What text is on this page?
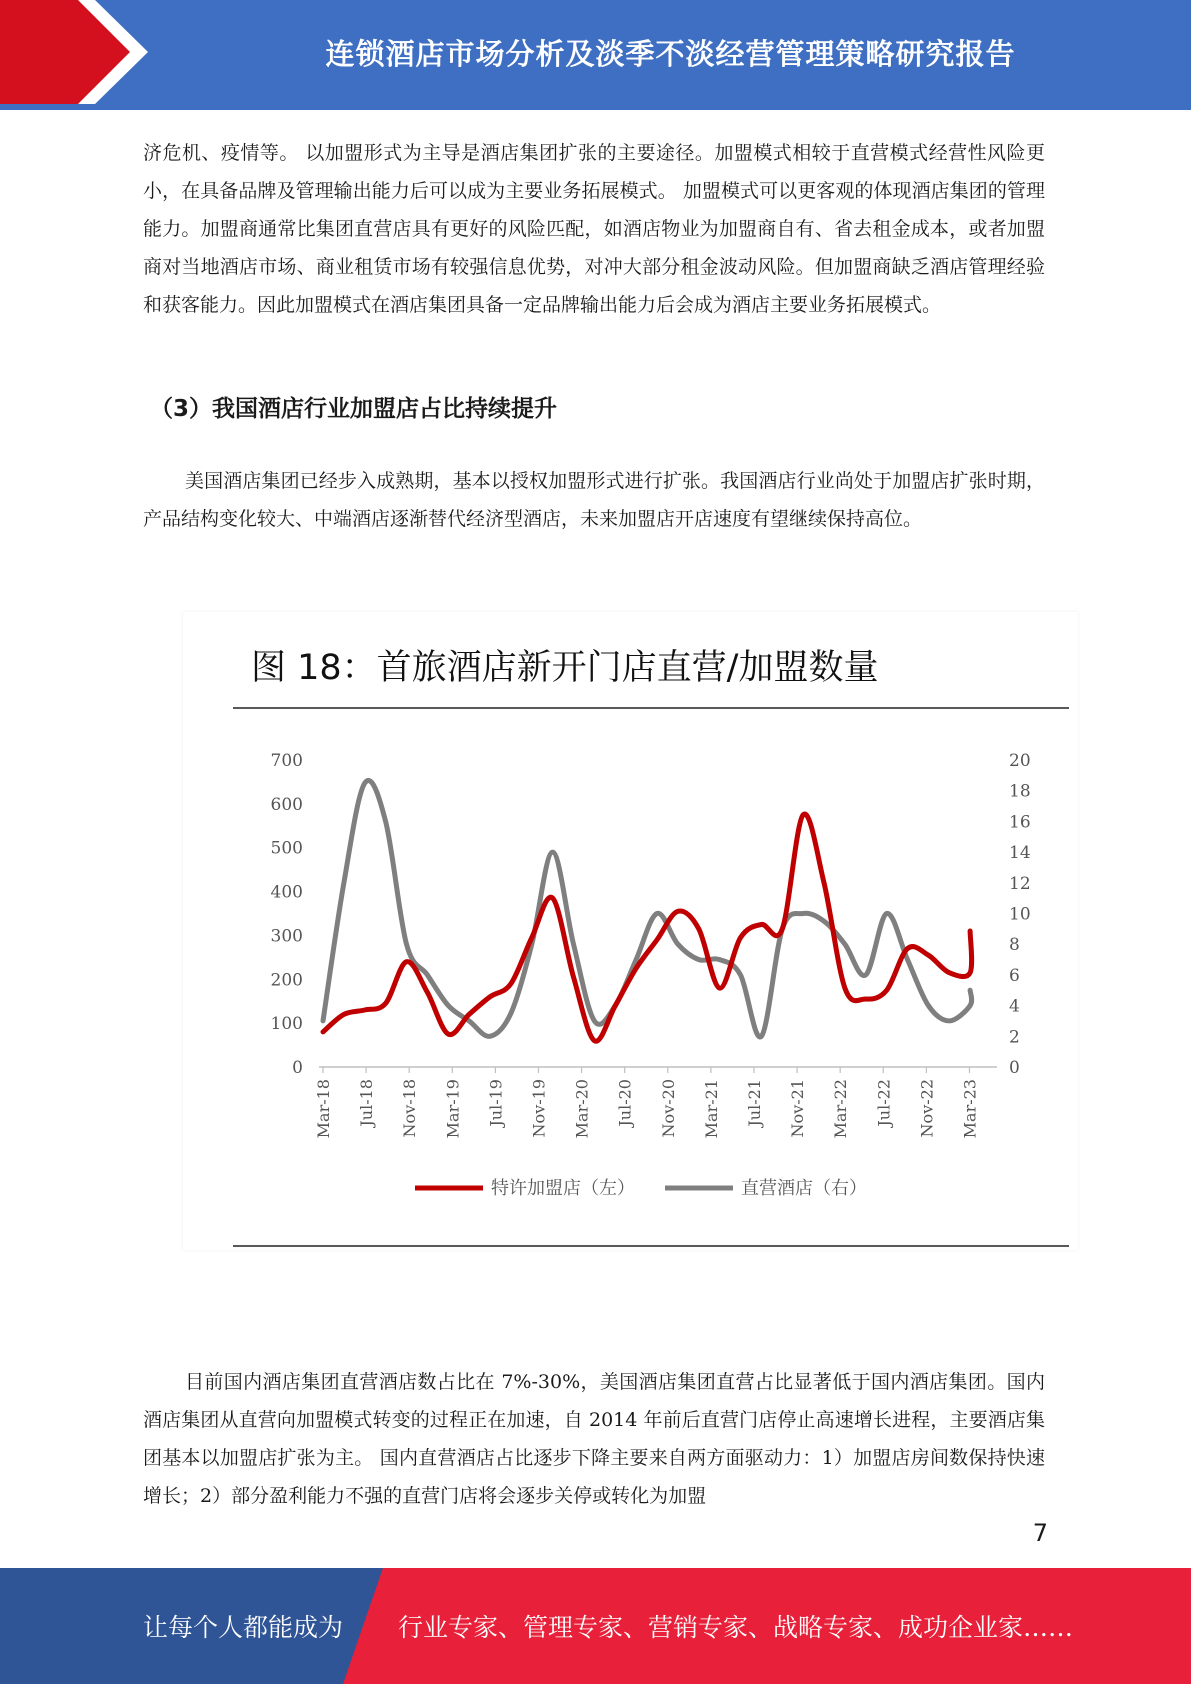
连锁酒店市场分析及淡季不淡经营管理策略研究报告

济危机、疫情等。 以加盟形式为主导是酒店集团扩张的主要途径。加盟模式相较于直营模式经营性风险更小，在具备品牌及管理输出能力后可以成为主要业务拓展模式。 加盟模式可以更客观的体现酒店集团的管理能力。加盟商通常比集团直营店具有更好的风险匹配，如酒店物业为加盟商自有、省去租金成本，或者加盟商对当地酒店市场、商业租赁市场有较强信息优势，对冲大部分租金波动风险。但加盟商缺乏酒店管理经验和获客能力。因此加盟模式在酒店集团具备一定品牌输出能力后会成为酒店主要业务拓展模式。

（3）我国酒店行业加盟店占比持续提升

美国酒店集团已经步入成熟期，基本以授权加盟形式进行扩张。我国酒店行业尚处于加盟店扩张时期，产品结构变化较大、中端酒店逐渐替代经济型酒店，未来加盟店开店速度有望继续保持高位。

图 18：首旅酒店新开门店直营/加盟数量
0
100
200
300
400
500
600
700
0
2
4
6
8
10
12
14
16
18
20
Mar-18 Jul-18 Nov-18 Mar-19 Jul-19 Nov-19 Mar-20 Jul-20 Nov-20 Mar-21 Jul-21 Nov-21 Mar-22 Jul-22 Nov-22 Mar-23
特许加盟店（左）	直营酒店（右）

目前国内酒店集团直营酒店数占比在 7%-30%，美国酒店集团直营占比显著低于国内酒店集团。国内酒店集团从直营向加盟模式转变的过程正在加速，自 2014 年前后直营门店停止高速增长进程，主要酒店集团基本以加盟店扩张为主。 国内直营酒店占比逐步下降主要来自两方面驱动力：1）加盟店房间数保持快速增长；2）部分盈利能力不强的直营门店将会逐步关停或转化为加盟

7
让每个人都能成为 行业专家、管理专家、营销专家、战略专家、成功企业家……
